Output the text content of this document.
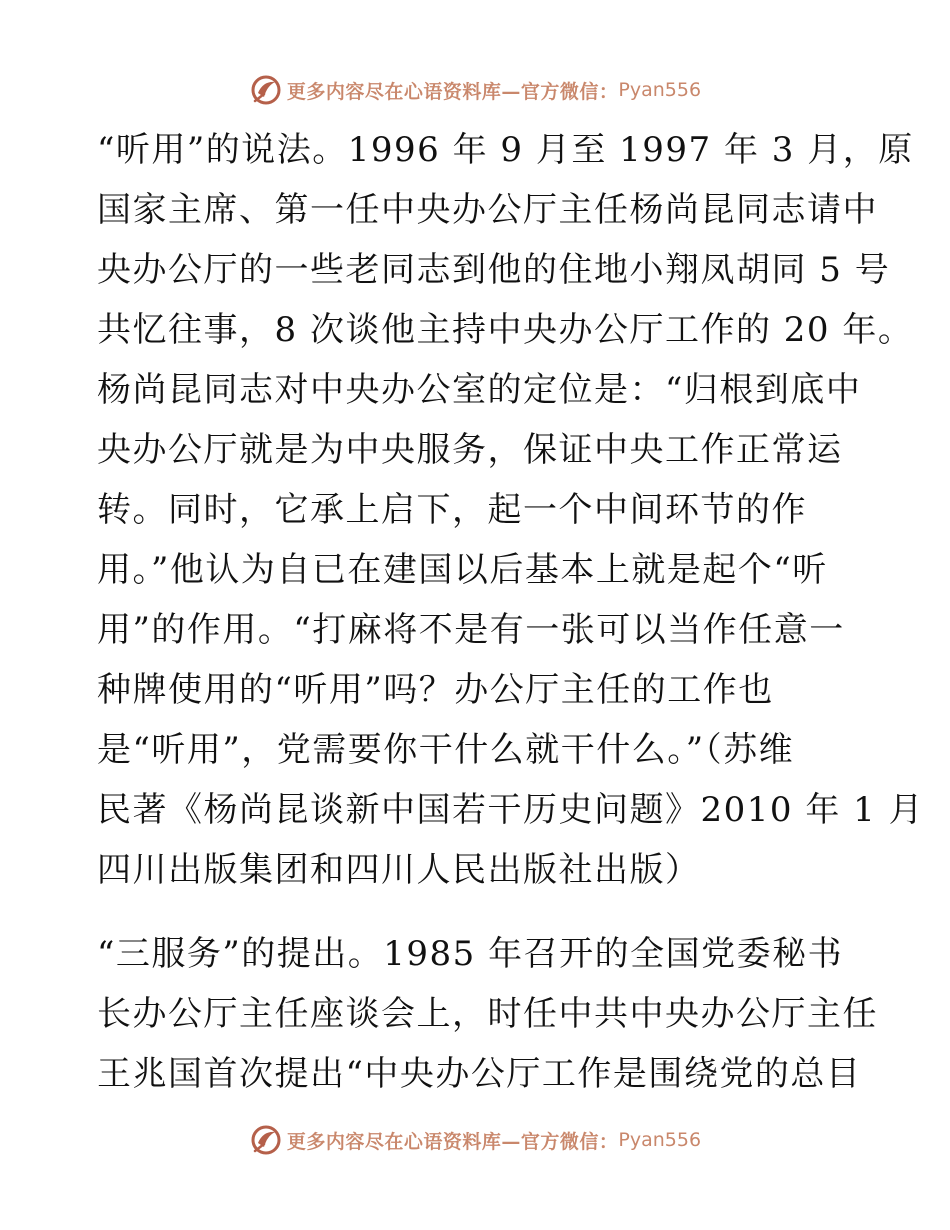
更多内容尽在心语资料库—官方微信： Pyan556
“听用”的说法。1996 年 9 月至 1997 年 3 月，原
国家主席、第一任中央办公厅主任杨尚昆同志请中
央办公厅的一些老同志到他的住地小翔凤胡同 5 号
共忆往事，8 次谈他主持中央办公厅工作的 20 年。
杨尚昆同志对中央办公室的定位是：“归根到底中
央办公厅就是为中央服务，保证中央工作正常运
转。同时，它承上启下，起一个中间环节的作
用。”他认为自已在建国以后基本上就是起个“听
用”的作用。“打麻将不是有一张可以当作任意一
种牌使用的“听用”吗？办公厅主任的工作也
是“听用”，党需要你干什么就干什么。”（苏维
民著《杨尚昆谈新中国若干历史问题》2010 年 1 月
四川出版集团和四川人民出版社出版）
“三服务”的提出。1985 年召开的全国党委秘书
长办公厅主任座谈会上，时任中共中央办公厅主任
王兆国首次提出“中央办公厅工作是围绕党的总目
更多内容尽在心语资料库—官方微信： Pyan556
